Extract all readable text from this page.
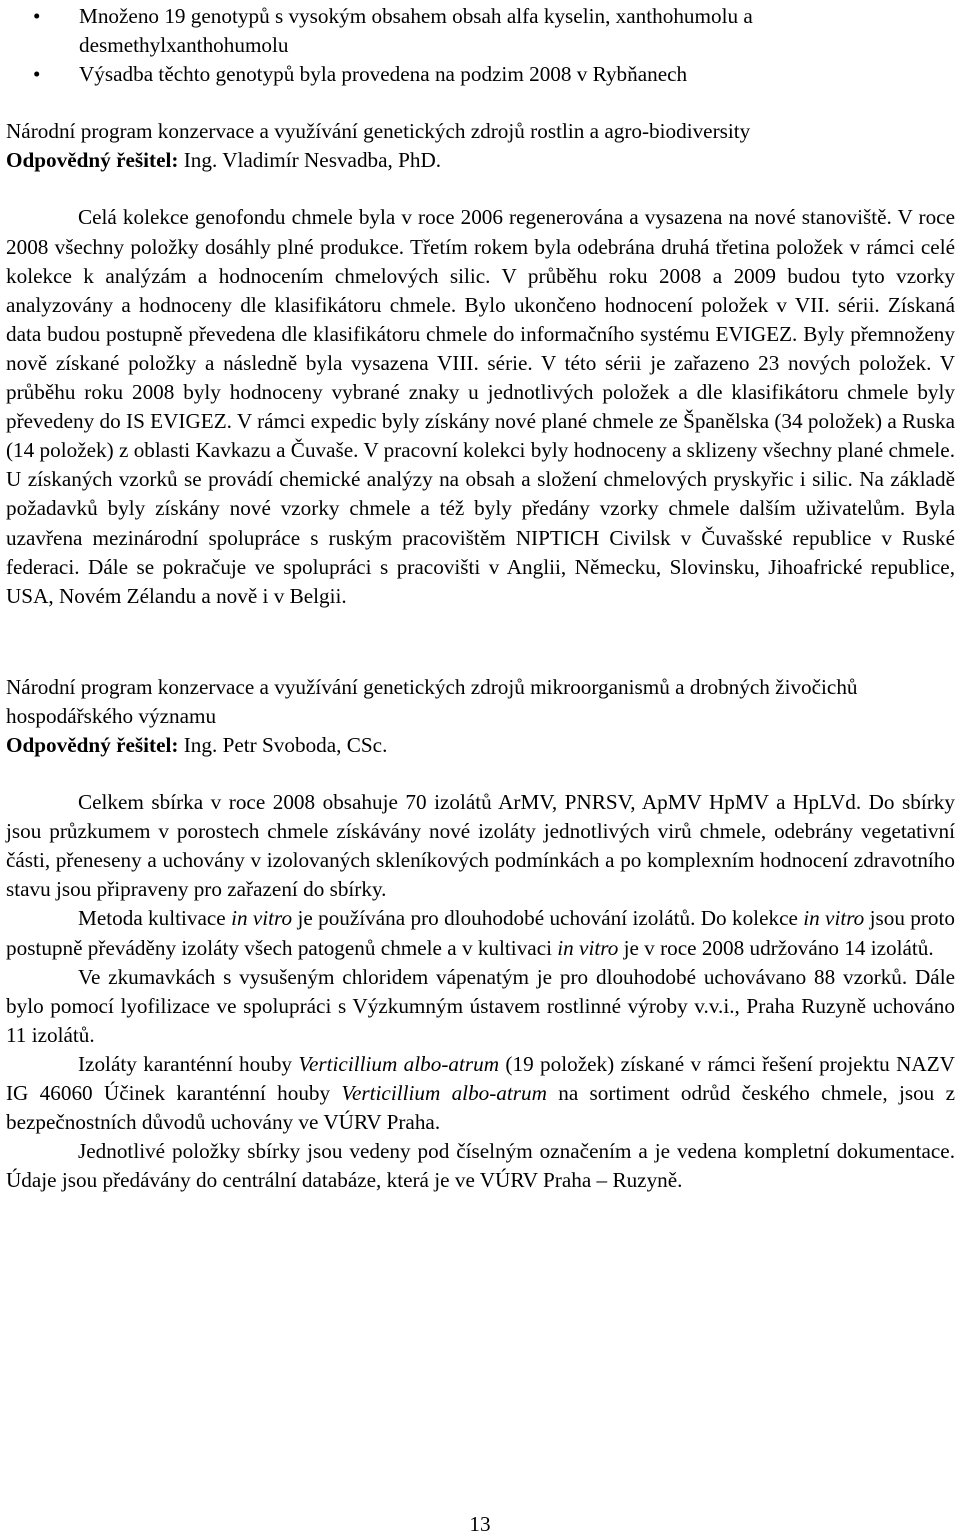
• Množeno 19 genotypů s vysokým obsahem obsah alfa kyselin, xanthohumolu a desmethylxanthohumolu
• Výsadba těchto genotypů byla provedena na podzim 2008 v Rybňanech

Národní program konzervace a využívání genetických zdrojů rostlin a agro-biodiversity

Odpovědný řešitel: Ing. Vladimír Nesvadba, PhD.

Celá kolekce genofondu chmele byla v roce 2006 regenerována a vysazena na nové stanoviště. V roce 2008 všechny položky dosáhly plné produkce. Třetím rokem byla odebrána druhá třetina položek v rámci celé kolekce k analýzám a hodnocením chmelových silic. V průběhu roku 2008 a 2009 budou tyto vzorky analyzovány a hodnoceny dle klasifikátoru chmele. Bylo ukončeno hodnocení položek v VII. sérii. Získaná data budou postupně převedena dle klasifikátoru chmele do informačního systému EVIGEZ. Byly přemnoženy nově získané položky a následně byla vysazena VIII. série. V této sérii je zařazeno 23 nových položek. V průběhu roku 2008 byly hodnoceny vybrané znaky u jednotlivých položek a dle klasifikátoru chmele byly převedeny do IS EVIGEZ. V rámci expedic byly získány nové plané chmele ze Španělska (34 položek) a Ruska (14 položek) z oblasti Kavkazu a Čuvaše. V pracovní kolekci byly hodnoceny a sklizeny všechny plané chmele. U získaných vzorků se provádí chemické analýzy na obsah a složení chmelových pryskyřic i silic. Na základě požadavků byly získány nové vzorky chmele a též byly předány vzorky chmele dalším uživatelům. Byla uzavřena mezinárodní spolupráce s ruským pracovištěm NIPTICH Civilsk v Čuvašské republice v Ruské federaci. Dále se pokračuje ve spolupráci s pracovišti v Anglii, Německu, Slovinsku, Jihoafrické republice, USA, Novém Zélandu a nově i v Belgii.

Národní program konzervace a využívání genetických zdrojů mikroorganismů a drobných živočichů hospodářského významu

Odpovědný řešitel: Ing. Petr Svoboda, CSc.

Celkem sbírka v roce 2008 obsahuje 70 izolátů ArMV, PNRSV, ApMV HpMV a HpLVd. Do sbírky jsou průzkumem v porostech chmele získávány nové izoláty jednotlivých virů chmele, odebrány vegetativní části, přeneseny a uchovány v izolovaných skleníkových podmínkách a po komplexním hodnocení zdravotního stavu jsou připraveny pro zařazení do sbírky.

Metoda kultivace in vitro je používána pro dlouhodobé uchování izolátů. Do kolekce in vitro jsou proto postupně převáděny izoláty všech patogenů chmele a v kultivaci in vitro je v roce 2008 udržováno 14 izolátů.

Ve zkumavkách s vysušeným chloridem vápenatým je pro dlouhodobé uchovávano 88 vzorků. Dále bylo pomocí lyofilizace ve spolupráci s Výzkumným ústavem rostlinné výroby v.v.i., Praha Ruzyně uchováno 11 izolátů.

Izoláty karanténní houby Verticillium albo-atrum (19 položek) získané v rámci řešení projektu NAZV IG 46060 Účinek karanténní houby Verticillium albo-atrum na sortiment odrůd českého chmele, jsou z bezpečnostních důvodů uchovány ve VÚRV Praha.

Jednotlivé položky sbírky jsou vedeny pod číselným označením a je vedena kompletní dokumentace. Údaje jsou předávány do centrální databáze, která je ve VÚRV Praha – Ruzyně.

13
